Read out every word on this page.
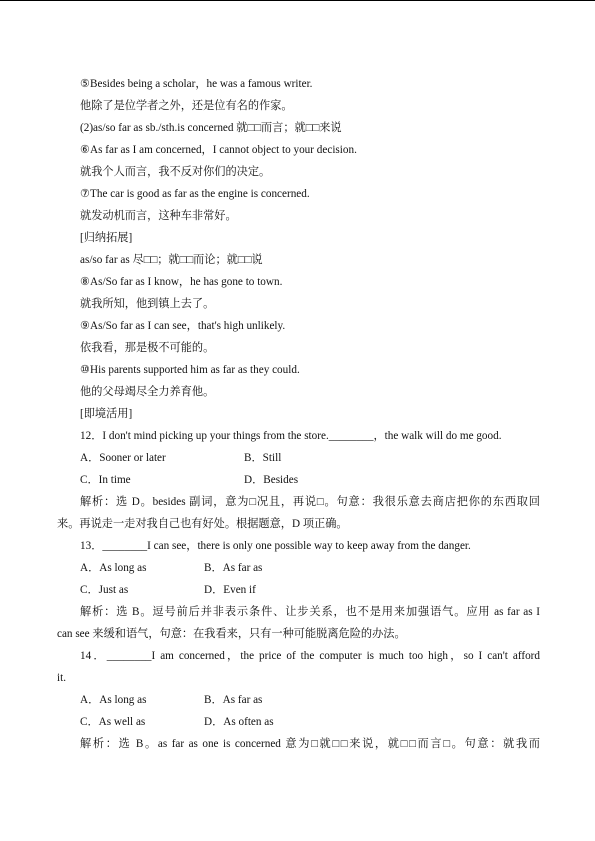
⑤Besides being a scholar，he was a famous writer.
他除了是位学者之外，还是位有名的作家。
(2)as/so far as sb./sth.is concerned 就□□而言；就□□来说
⑥As far as I am concerned，I cannot object to your decision.
就我个人而言，我不反对你们的决定。
⑦The car is good as far as the engine is concerned.
就发动机而言，这种车非常好。
[归纳拓展]
as/so far as 尽□□；就□□而论；就□□说
⑧As/So far as I know，he has gone to town.
就我所知，他到镇上去了。
⑨As/So far as I can see，that's high unlikely.
依我看，那是极不可能的。
⑩His parents supported him as far as they could.
他的父母竭尽全力养育他。
[即境活用]
12．I don't mind picking up your things from the store.________，the walk will do me good.
A．Sooner or later	B．Still
C．In time	D．Besides
解析：选 D。besides 副词，意为□况且，再说□。句意：我很乐意去商店把你的东西取回
来。再说走一走对我自己也有好处。根据题意，D 项正确。
13．________I can see，there is only one possible way to keep away from the danger.
A．As long as	B．As far as
C．Just as	D．Even if
解析：选 B。逗号前后并非表示条件、让步关系，也不是用来加强语气。应用 as far as I
can see 来缓和语气，句意：在我看来，只有一种可能脱离危险的办法。
14．________I am concerned，the price of the computer is much too high，so I can't afford
it.
A．As long as	B．As far as
C．As well as	D．As often as
解析：选 B。as far as one is concerned 意为□就□□来说，就□□而言□。句意：就我而
